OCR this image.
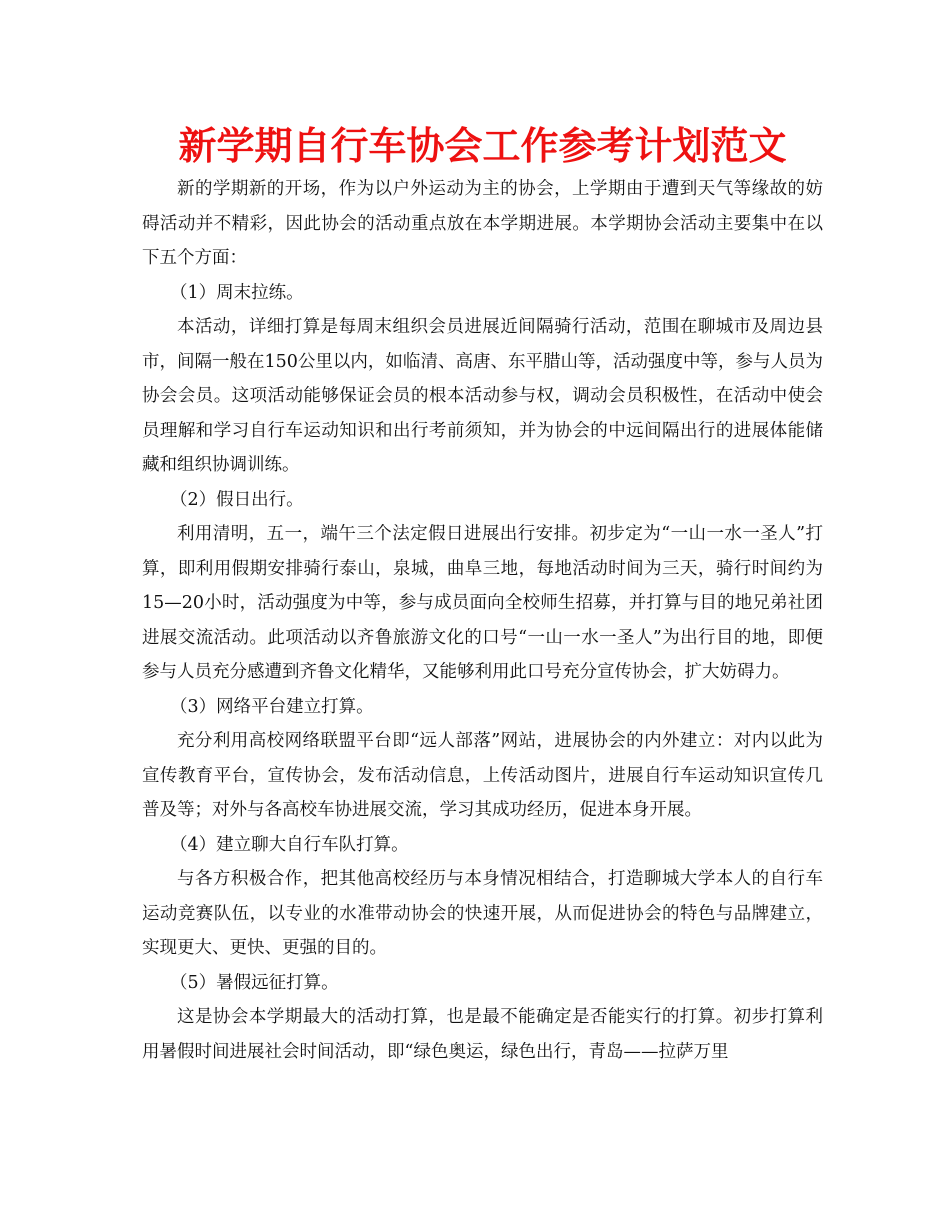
新学期自行车协会工作参考计划范文

新的学期新的开场，作为以户外运动为主的协会，上学期由于遭到天气等缘故的妨碍活动并不精彩，因此协会的活动重点放在本学期进展。本学期协会活动主要集中在以下五个方面：

（1）周末拉练。

本活动，详细打算是每周末组织会员进展近间隔骑行活动，范围在聊城市及周边县市，间隔一般在150公里以内，如临清、高唐、东平腊山等，活动强度中等，参与人员为协会会员。这项活动能够保证会员的根本活动参与权，调动会员积极性，在活动中使会员理解和学习自行车运动知识和出行考前须知，并为协会的中远间隔出行的进展体能储藏和组织协调训练。

（2）假日出行。

利用清明，五一，端午三个法定假日进展出行安排。初步定为“一山一水一圣人”打算，即利用假期安排骑行泰山，泉城，曲阜三地，每地活动时间为三天，骑行时间约为15—20小时，活动强度为中等，参与成员面向全校师生招募，并打算与目的地兄弟社团进展交流活动。此项活动以齐鲁旅游文化的口号“一山一水一圣人”为出行目的地，即便参与人员充分感遭到齐鲁文化精华，又能够利用此口号充分宣传协会，扩大妨碍力。

（3）网络平台建立打算。

充分利用高校网络联盟平台即“远人部落”网站，进展协会的内外建立：对内以此为宣传教育平台，宣传协会，发布活动信息，上传活动图片，进展自行车运动知识宣传几普及等；对外与各高校车协进展交流，学习其成功经历，促进本身开展。

（4）建立聊大自行车队打算。

与各方积极合作，把其他高校经历与本身情况相结合，打造聊城大学本人的自行车运动竞赛队伍，以专业的水准带动协会的快速开展，从而促进协会的特色与品牌建立，实现更大、更快、更强的目的。

（5）暑假远征打算。

这是协会本学期最大的活动打算，也是最不能确定是否能实行的打算。初步打算利用暑假时间进展社会时间活动，即“绿色奥运，绿色出行，青岛——拉萨万里
